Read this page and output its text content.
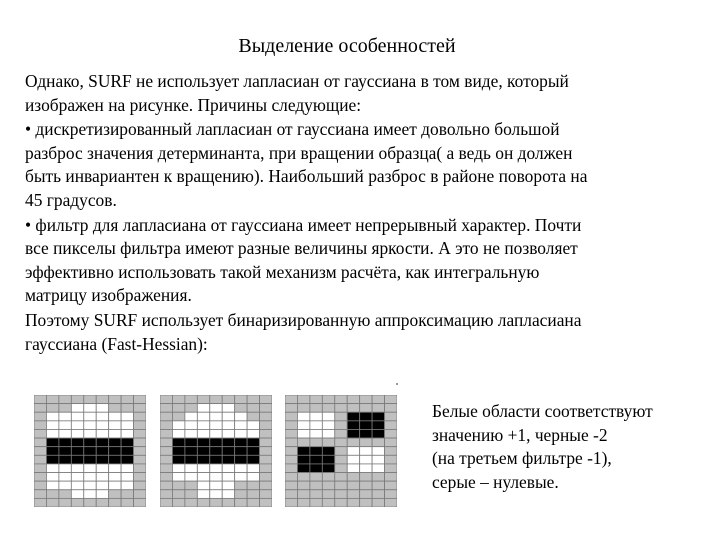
Выделение особенностей
Однако, SURF не использует лапласиан от гауссиана в том виде, который
изображен на рисунке. Причины следующие:
• дискретизированный лапласиан от гауссиана имеет довольно большой
разброс значения детерминанта, при вращении образца( а ведь он должен
быть инвариантен к вращению). Наибольший разброс в районе поворота на
45 градусов.
• фильтр для лапласиана от гауссиана имеет непрерывный характер. Почти
все пикселы фильтра имеют разные величины яркости. А это не позволяет
эффективно использовать такой механизм расчёта, как интегральную
матрицу изображения.
Поэтому SURF использует бинаризированную аппроксимацию лапласиана
гауссиана (Fast-Hessian):
Белые области соответствуют
значению +1, черные -2
(на третьем фильтре -1),
серые – нулевые.
